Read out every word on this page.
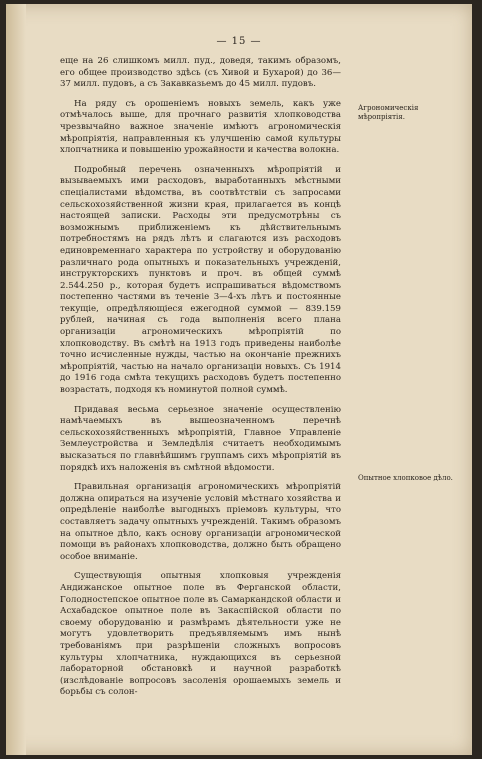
— 15 —

еще на 26 слишкомъ милл. пуд., доведя, такимъ образомъ, его общее производство здѣсь (съ Хивой и Бухарой) до 36—37 милл. пудовъ, а съ Закавказьемъ до 45 милл. пудовъ.

На ряду съ орошеніемъ новыхъ земель, какъ уже отмѣчалось выше, для прочнаго развитія хлопководства чрезвычайно важное значеніе имѣютъ агрономическія мѣропріятія, направленныя къ улучшенію самой культуры хлопчатника и повышенію урожайности и качества волокна.

Подробный перечень означенныхъ мѣропріятій и вызываемыхъ ими расходовъ, выработанныхъ мѣстными спеціалистами вѣдомства, въ соотвѣтствіи съ запросами сельскохозяйственной жизни края, прилагается въ концѣ настоящей записки. Расходы эти предусмотрѣны съ возможнымъ приближеніемъ къ дѣйствительнымъ потребностямъ на рядъ лѣтъ и слагаются изъ расходовъ единовременнаго характера по устройству и оборудованію различнаго рода опытныхъ и показательныхъ учрежденій, инструкторскихъ пунктовъ и проч. въ общей суммѣ 2.544.250 р., которая будетъ испрашиваться вѣдомствомъ постепенно частями въ теченіе 3—4-хъ лѣтъ и постоянные текущіе, опредѣляющіеся ежегодной суммой — 839.159 рублей, начиная съ года выполненія всего плана организаціи агрономическихъ мѣропріятій по хлопководству. Въ смѣтѣ на 1913 годъ приведены наиболѣе точно исчисленные нужды, частью на окончаніе прежнихъ мѣропріятій, частью на начало организаціи новыхъ. Съ 1914 до 1916 года смѣта текущихъ расходовъ будетъ постепенно возрастать, подходя къ номинутой полной суммѣ.

Придавая весьма серьезное значеніе осуществленію намѣчаемыхъ въ вышеозначенномъ перечнѣ сельскохозяйственныхъ мѣропріятій, Главное Управленіе Землеустройства и Земледѣлія считаетъ необходимымъ высказаться по главнѣйшимъ группамъ сихъ мѣропріятій въ порядкѣ ихъ наложенія въ смѣтной вѣдомости.

Правильная организація агрономическихъ мѣропріятій должна опираться на изученіе условій мѣстнаго хозяйства и опредѣленіе наиболѣе выгодныхъ пріемовъ культуры, что составляетъ задачу опытныхъ учрежденій. Такимъ образомъ на опытное дѣло, какъ основу организаціи агрономической помощи въ районахъ хлопководства, должно быть обращено особое вниманіе.

Существующія опытныя хлопковыя учрежденія Андижанское опытное поле въ Ферганской области, Голодностепское опытное поле въ Самаркандской области и Асхабадское опытное поле въ Закаспійской области по своему оборудованію и размѣрамъ дѣятельности уже не могутъ удовлетворить предъявляемымъ имъ нынѣ требованіямъ при разрѣшеніи сложныхъ вопросовъ культуры хлопчатника, нуждающихся въ серьезной лабораторной обстановкѣ и научной разработкѣ (изслѣдованіе вопросовъ засоленія орошаемыхъ земель и борьбы съ солон-

Агрономическія мѣропріятія.
Опытное хлопковое дѣло.
